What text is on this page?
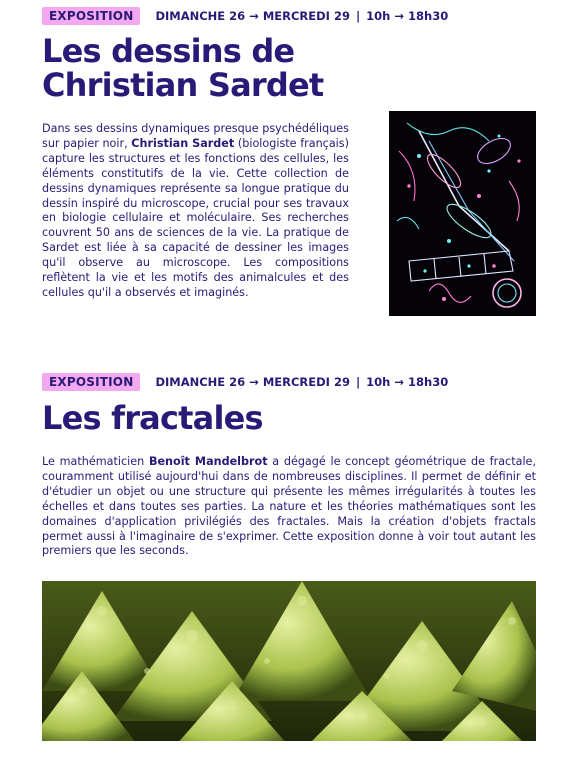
EXPOSITION	DIMANCHE 26 → MERCREDI 29 | 10h → 18h30
Les dessins de Christian Sardet

Dans ses dessins dynamiques presque psychédéliques sur papier noir, Christian Sardet (biologiste français) capture les structures et les fonctions des cellules, les éléments constitutifs de la vie. Cette collection de dessins dynamiques représente sa longue pratique du dessin inspiré du microscope, crucial pour ses travaux en biologie cellulaire et moléculaire. Ses recherches couvrent 50 ans de sciences de la vie. La pratique de Sardet est liée à sa capacité de dessiner les images qu'il observe au microscope. Les compositions reflètent la vie et les motifs des animalcules et des cellules qu'il a observés et imaginés.

EXPOSITION	DIMANCHE 26 → MERCREDI 29 | 10h → 18h30
Les fractales

Le mathématicien Benoît Mandelbrot a dégagé le concept géométrique de fractale, couramment utilisé aujourd'hui dans de nombreuses disciplines. Il permet de définir et d'étudier un objet ou une structure qui présente les mêmes irrégularités à toutes les échelles et dans toutes ses parties. La nature et les théories mathématiques sont les domaines d'application privilégiés des fractales. Mais la création d'objets fractals permet aussi à l'imaginaire de s'exprimer. Cette exposition donne à voir tout autant les premiers que les seconds.
